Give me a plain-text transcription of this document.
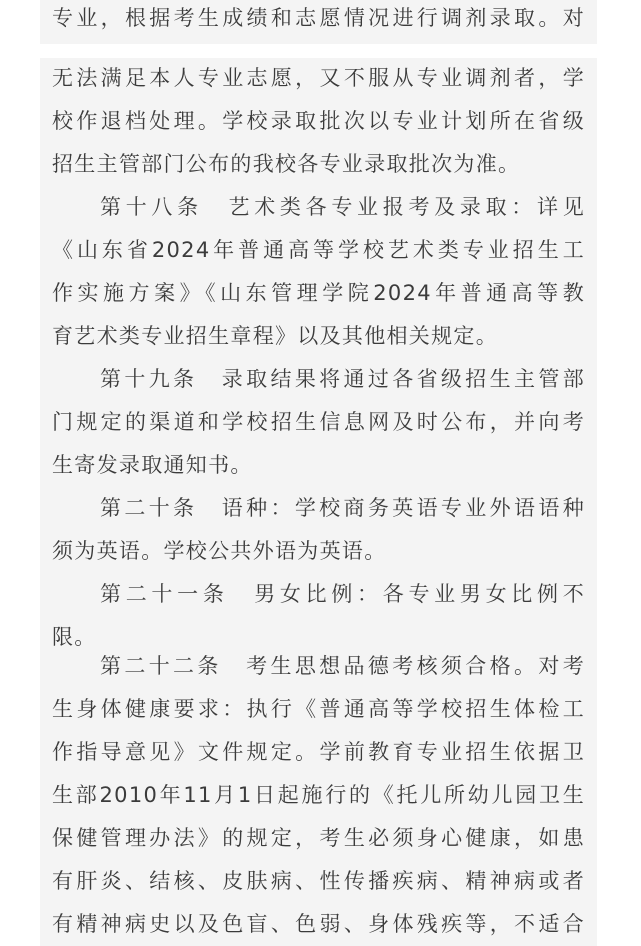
专业，根据考生成绩和志愿情况进行调剂录取。对
无法满足本人专业志愿，又不服从专业调剂者，学
校作退档处理。学校录取批次以专业计划所在省级
招生主管部门公布的我校各专业录取批次为准。
第十八条　艺术类各专业报考及录取：详见
《山东省2024年普通高等学校艺术类专业招生工
作实施方案》《山东管理学院2024年普通高等教
育艺术类专业招生章程》以及其他相关规定。
第十九条　录取结果将通过各省级招生主管部
门规定的渠道和学校招生信息网及时公布，并向考
生寄发录取通知书。
第二十条　语种：学校商务英语专业外语语种
须为英语。学校公共外语为英语。
第二十一条　男女比例：各专业男女比例不
限。
第二十二条　考生思想品德考核须合格。对考
生身体健康要求：执行《普通高等学校招生体检工
作指导意见》文件规定。学前教育专业招生依据卫
生部2010年11月1日起施行的《托儿所幼儿园卫生
保健管理办法》的规定，考生必须身心健康，如患
有肝炎、结核、皮肤病、性传播疾病、精神病或者
有精神病史以及色盲、色弱、身体残疾等，不适合
